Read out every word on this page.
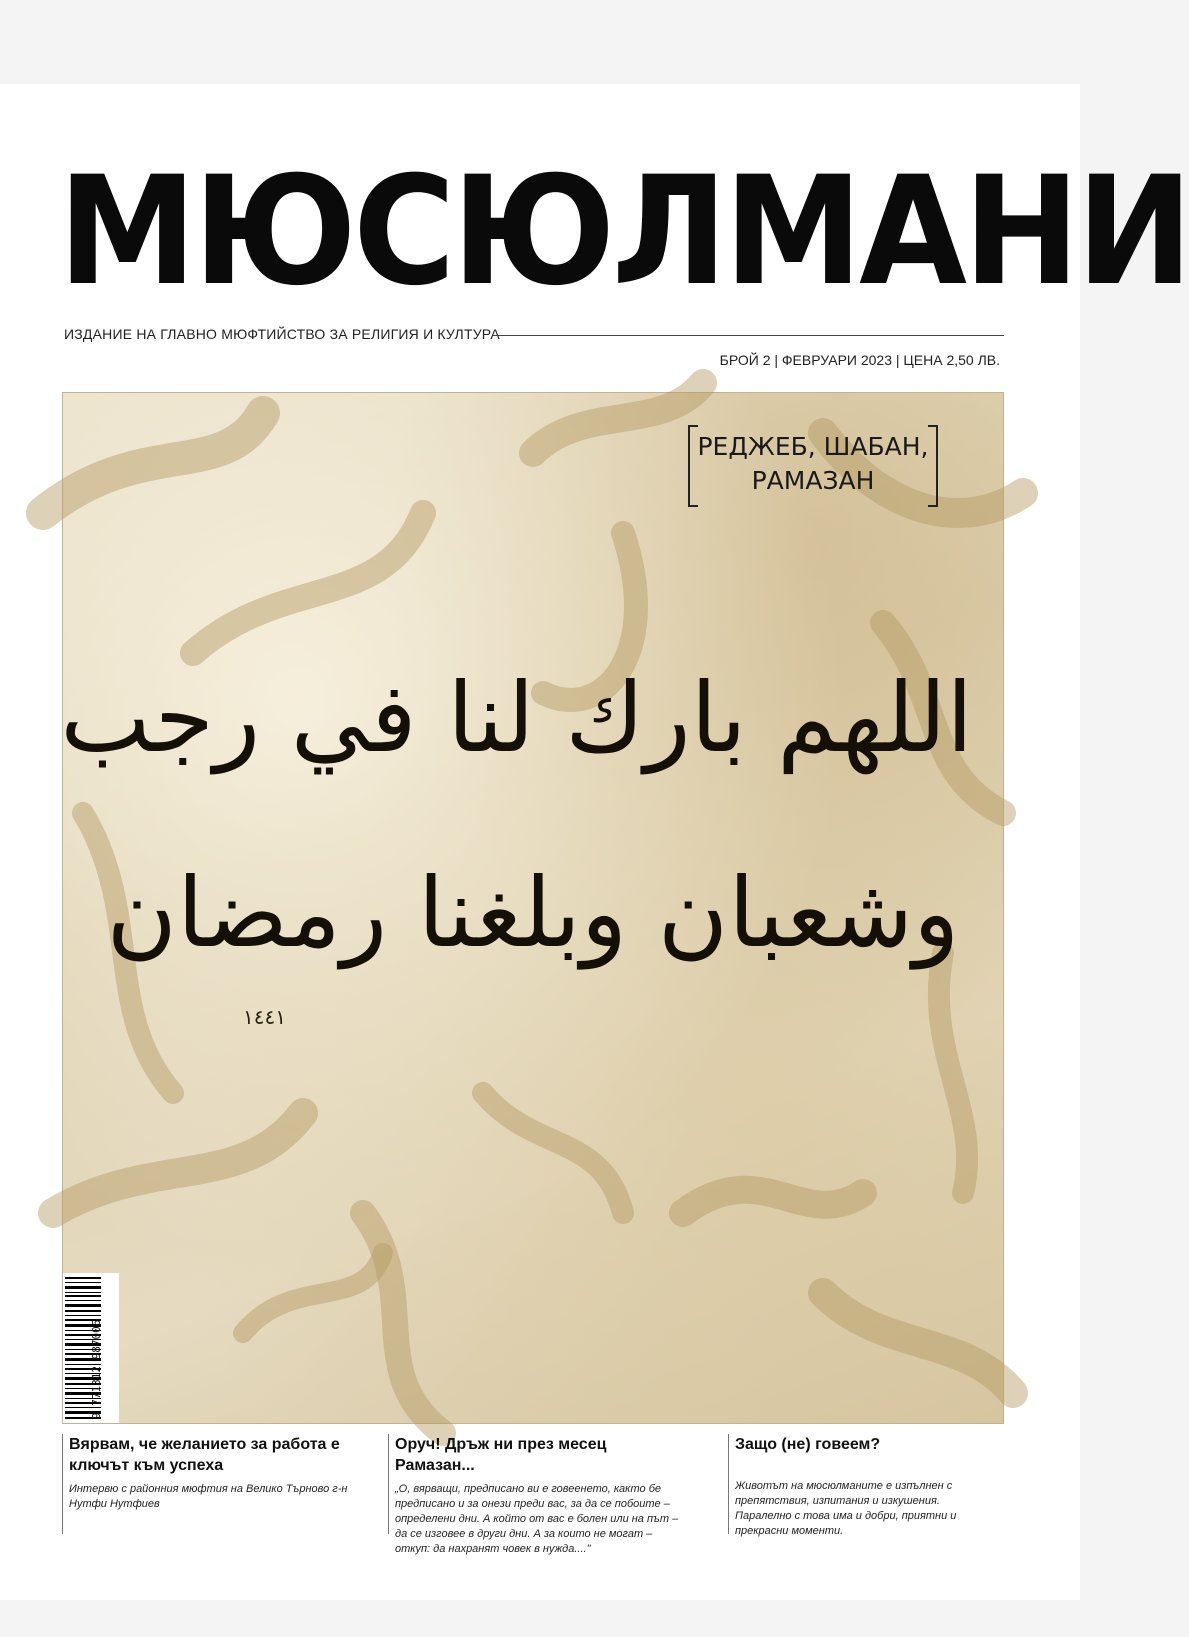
МЮСЮЛМАНИ
ИЗДАНИЕ НА ГЛАВНО МЮФТИЙСТВО ЗА РЕЛИГИЯ И КУЛТУРА
БРОЙ 2 | ФЕВРУАРИ 2023 | ЦЕНА 2,50 ЛВ.
РЕДЖЕБ, ШАБАН,
РАМАЗАН
اللهم بارك لنا في رجب
وشعبان وبلغنا رمضان
١٤٤١
9 771312 987006
Вярвам, че желанието за работа е ключът към успеха

Интервю с районния мюфтия на Велико Търново г-н Нутфи Нутфиев

Оруч! Дръж ни през месец Рамазан...

„О, вярващи, предписано ви е говеенето, както бе предписано и за онези преди вас, за да се побоите – определени дни. А който от вас е болен или на път – да се изговее в други дни. А за които не могат – откуп: да нахранят човек в нужда...."

Защо (не) говеем?

Животът на мюсюлманите е изпълнен с препятствия, изпитания и изкушения. Паралелно с това има и добри, приятни и прекрасни моменти.
